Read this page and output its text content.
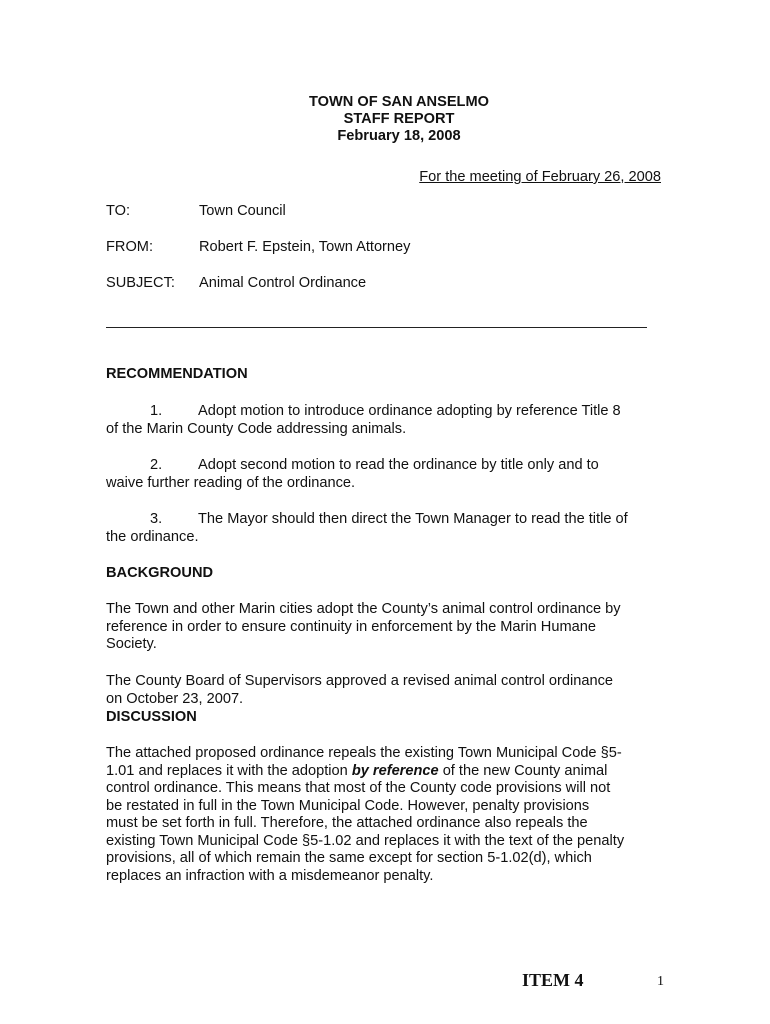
TOWN OF SAN ANSELMO
STAFF REPORT
February 18, 2008
For the meeting of February 26, 2008
TO:	Town Council
FROM:	Robert F. Epstein, Town Attorney
SUBJECT: Animal Control Ordinance
RECOMMENDATION
1. Adopt motion to introduce ordinance adopting by reference Title 8
of the Marin County Code addressing animals.
2. Adopt second motion to read the ordinance by title only and to
waive further reading of the ordinance.
3. The Mayor should then direct the Town Manager to read the title of
the ordinance.
BACKGROUND
The Town and other Marin cities adopt the County’s animal control ordinance by
reference in order to ensure continuity in enforcement by the Marin Humane
Society.
The County Board of Supervisors approved a revised animal control ordinance
on October 23, 2007.
DISCUSSION
The attached proposed ordinance repeals the existing Town Municipal Code §5-
1.01 and replaces it with the adoption by reference of the new County animal
control ordinance. This means that most of the County code provisions will not
be restated in full in the Town Municipal Code. However, penalty provisions
must be set forth in full. Therefore, the attached ordinance also repeals the
existing Town Municipal Code §5-1.02 and replaces it with the text of the penalty
provisions, all of which remain the same except for section 5-1.02(d), which
replaces an infraction with a misdemeanor penalty.
ITEM 4	1
